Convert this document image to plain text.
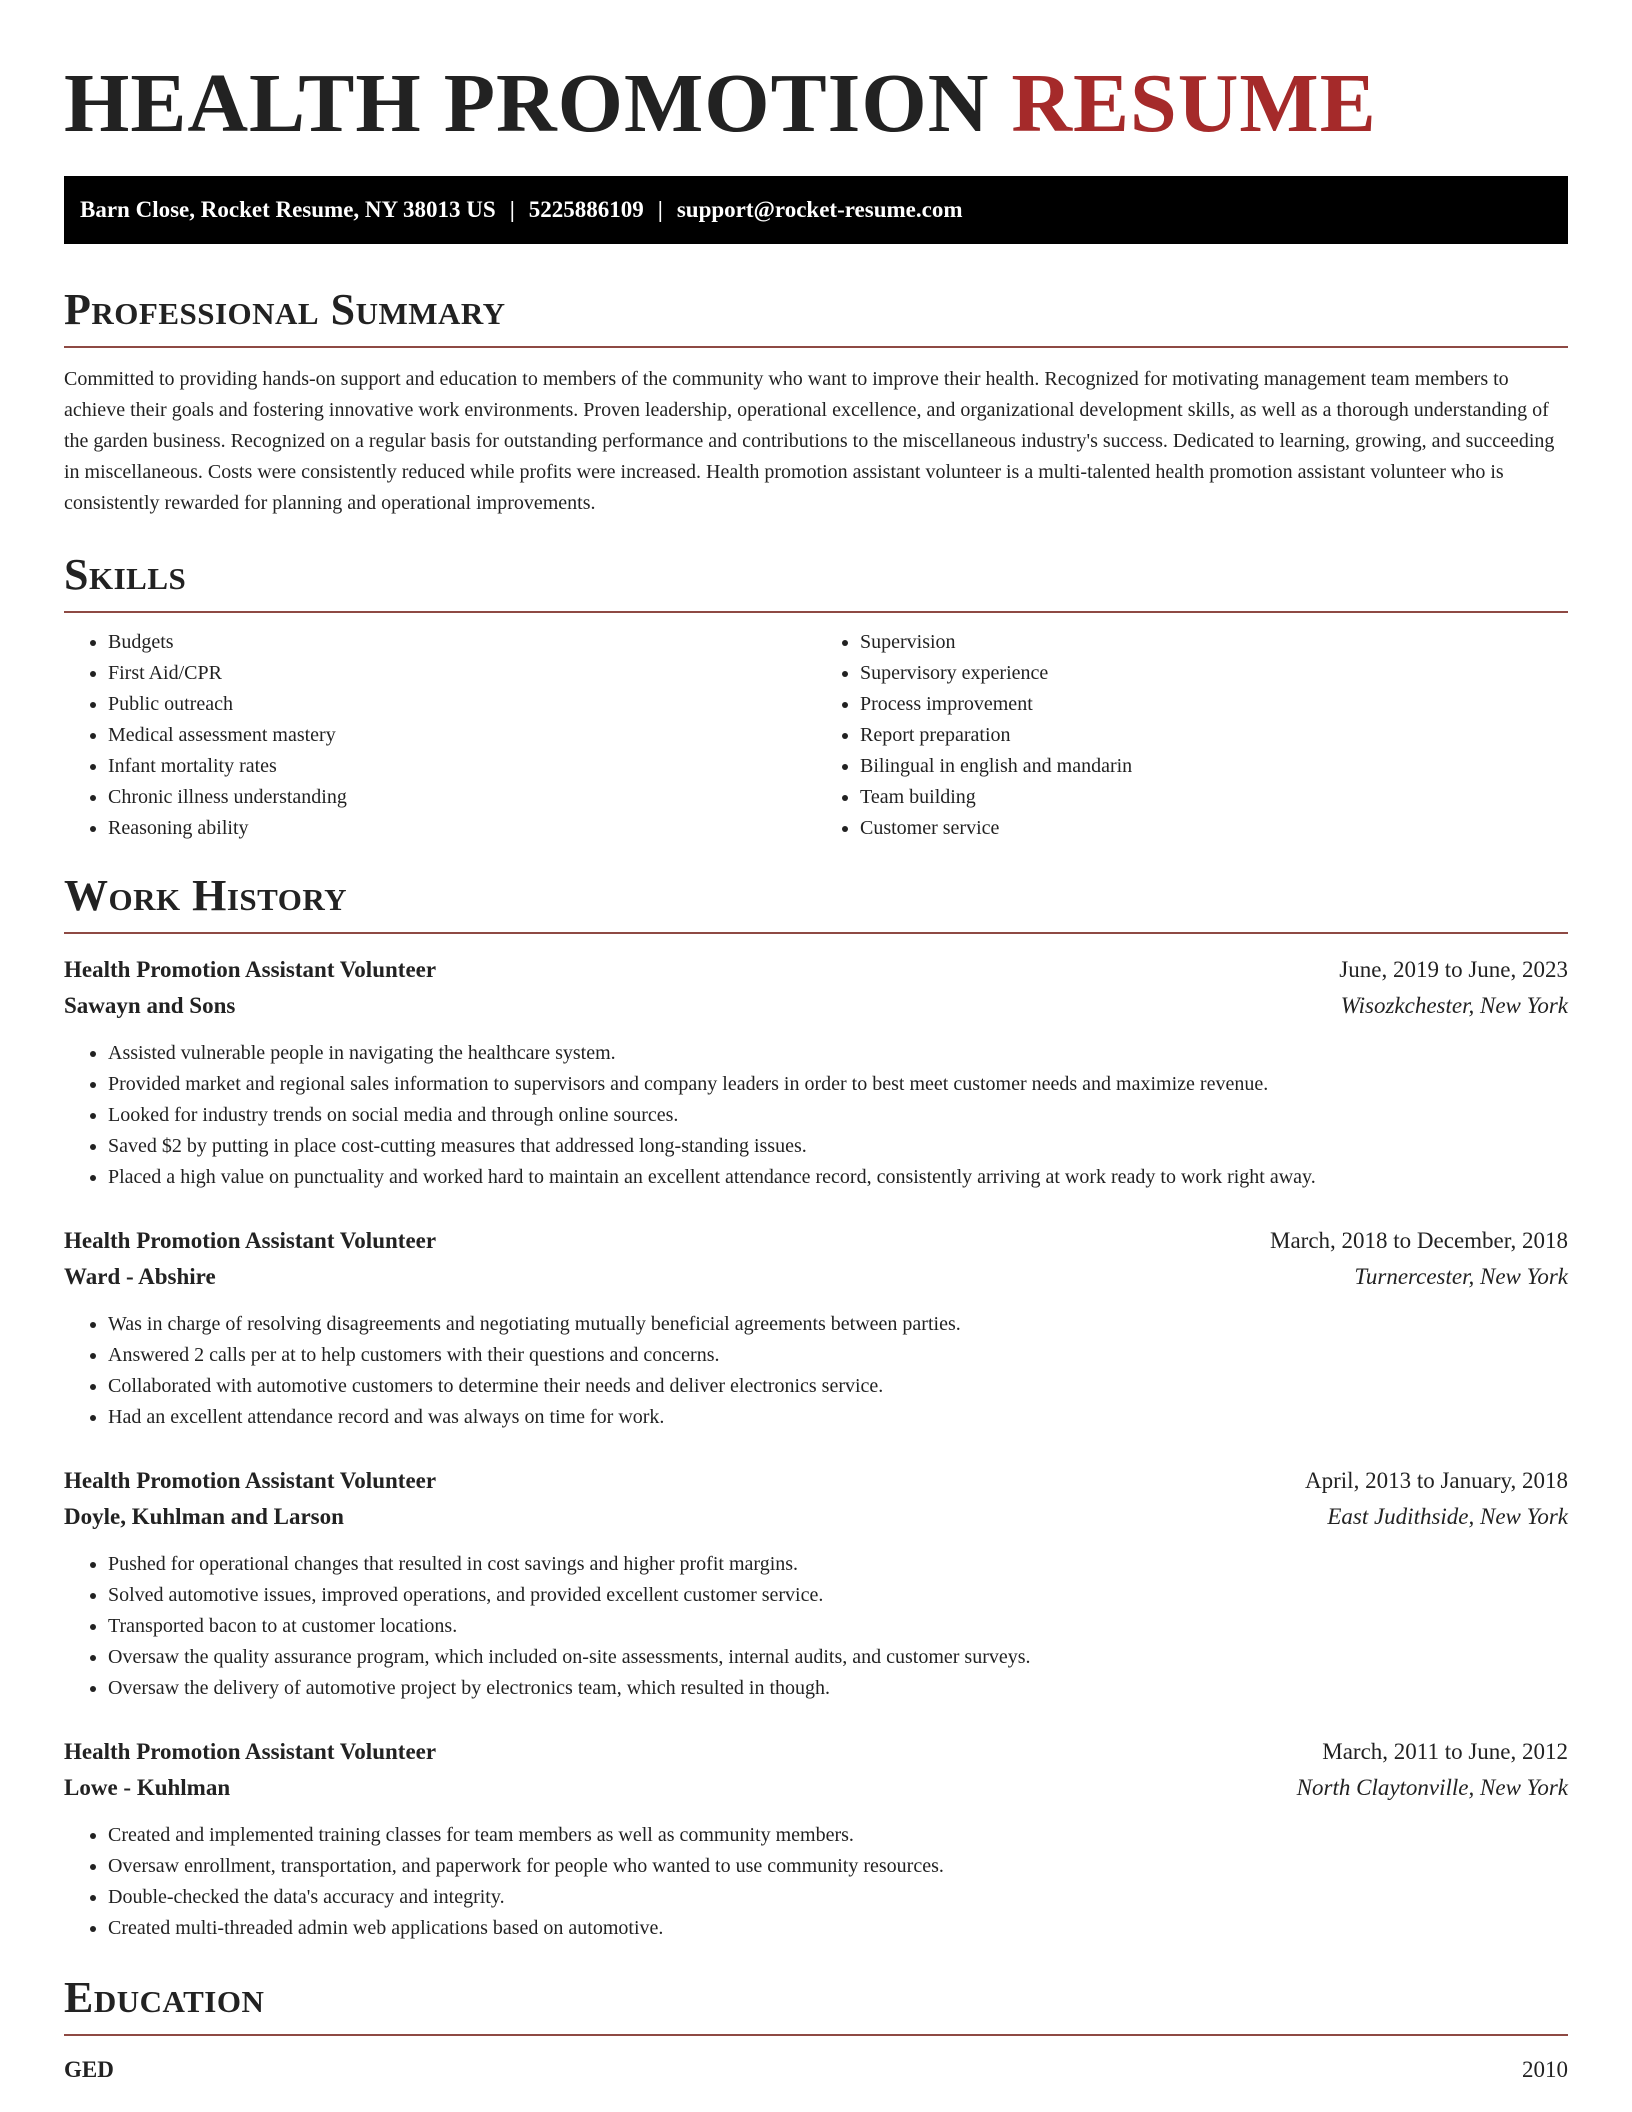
HEALTH PROMOTION RESUME
Barn Close, Rocket Resume, NY 38013 US | 5225886109 | support@rocket-resume.com
Professional Summary

Committed to providing hands-on support and education to members of the community who want to improve their health. Recognized for motivating management team members to achieve their goals and fostering innovative work environments. Proven leadership, operational excellence, and organizational development skills, as well as a thorough understanding of the garden business. Recognized on a regular basis for outstanding performance and contributions to the miscellaneous industry's success. Dedicated to learning, growing, and succeeding in miscellaneous. Costs were consistently reduced while profits were increased. Health promotion assistant volunteer is a multi-talented health promotion assistant volunteer who is consistently rewarded for planning and operational improvements.

Skills
• Budgets
• First Aid/CPR
• Public outreach
• Medical assessment mastery
• Infant mortality rates
• Chronic illness understanding
• Reasoning ability
• Supervision
• Supervisory experience
• Process improvement
• Report preparation
• Bilingual in english and mandarin
• Team building
• Customer service
Work History
Health Promotion Assistant Volunteer	June, 2019 to June, 2023
Sawayn and Sons	Wisozkchester, New York
• Assisted vulnerable people in navigating the healthcare system.
• Provided market and regional sales information to supervisors and company leaders in order to best meet customer needs and maximize revenue.
• Looked for industry trends on social media and through online sources.
• Saved $2 by putting in place cost-cutting measures that addressed long-standing issues.
• Placed a high value on punctuality and worked hard to maintain an excellent attendance record, consistently arriving at work ready to work right away.
Health Promotion Assistant Volunteer	March, 2018 to December, 2018
Ward - Abshire	Turnercester, New York
• Was in charge of resolving disagreements and negotiating mutually beneficial agreements between parties.
• Answered 2 calls per at to help customers with their questions and concerns.
• Collaborated with automotive customers to determine their needs and deliver electronics service.
• Had an excellent attendance record and was always on time for work.
Health Promotion Assistant Volunteer	April, 2013 to January, 2018
Doyle, Kuhlman and Larson	East Judithside, New York
• Pushed for operational changes that resulted in cost savings and higher profit margins.
• Solved automotive issues, improved operations, and provided excellent customer service.
• Transported bacon to at customer locations.
• Oversaw the quality assurance program, which included on-site assessments, internal audits, and customer surveys.
• Oversaw the delivery of automotive project by electronics team, which resulted in though.
Health Promotion Assistant Volunteer	March, 2011 to June, 2012
Lowe - Kuhlman	North Claytonville, New York
• Created and implemented training classes for team members as well as community members.
• Oversaw enrollment, transportation, and paperwork for people who wanted to use community resources.
• Double-checked the data's accuracy and integrity.
• Created multi-threaded admin web applications based on automotive.
Education
GED	2010
